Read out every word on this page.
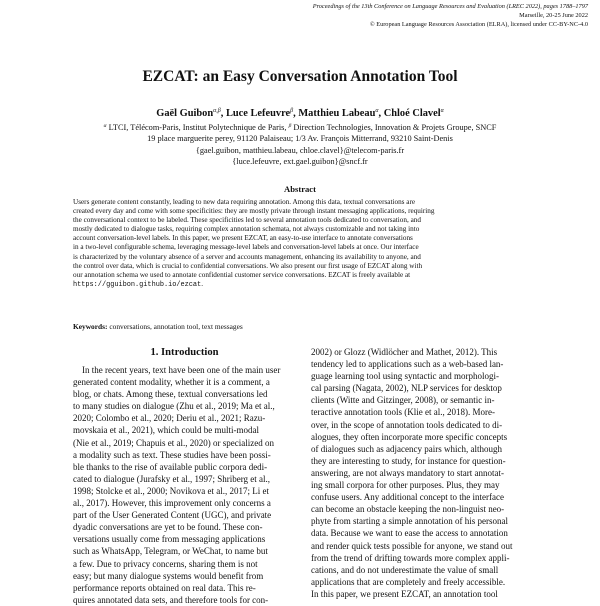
Proceedings of the 13th Conference on Language Resources and Evaluation (LREC 2022), pages 1788–1797
Marseille, 20-25 June 2022
© European Language Resources Association (ELRA), licensed under CC-BY-NC-4.0
EZCAT: an Easy Conversation Annotation Tool
Gaël Guibon$^{\alpha,\beta}$, Luce Lefeuvre$^\beta$, Matthieu Labeau$^\alpha$, Chloé Clavel$^\alpha$
$^\alpha$ LTCI, Télécom-Paris, Institut Polytechnique de Paris, $^\beta$ Direction Technologies, Innovation & Projets Groupe, SNCF
19 place marguerite perey, 91120 Palaiseau; 1/3 Av. François Mitterrand, 93210 Saint-Denis
{gael.guibon, matthieu.labeau, chloe.clavel}@telecom-paris.fr
{luce.lefeuvre, ext.gael.guibon}@sncf.fr
Abstract
Users generate content constantly, leading to new data requiring annotation. Among this data, textual conversations are
created every day and come with some specificities: they are mostly private through instant messaging applications, requiring
the conversational context to be labeled. These specificities led to several annotation tools dedicated to conversation, and
mostly dedicated to dialogue tasks, requiring complex annotation schemata, not always customizable and not taking into
account conversation-level labels. In this paper, we present EZCAT, an easy-to-use interface to annotate conversations
in a two-level configurable schema, leveraging message-level labels and conversation-level labels at once. Our interface
is characterized by the voluntary absence of a server and accounts management, enhancing its availability to anyone, and
the control over data, which is crucial to confidential conversations. We also present our first usage of EZCAT along with
our annotation schema we used to annotate confidential customer service conversations. EZCAT is freely available at
https://gguibon.github.io/ezcat.
Keywords: conversations, annotation tool, text messages
1. Introduction
In the recent years, text have been one of the main user
generated content modality, whether it is a comment, a
blog, or chats. Among these, textual conversations led
to many studies on dialogue (Zhu et al., 2019; Ma et al.,
2020; Colombo et al., 2020; Deriu et al., 2021; Razu-
movskaia et al., 2021), which could be multi-modal
(Nie et al., 2019; Chapuis et al., 2020) or specialized on
a modality such as text. These studies have been possi-
ble thanks to the rise of available public corpora dedi-
cated to dialogue (Jurafsky et al., 1997; Shriberg et al.,
1998; Stolcke et al., 2000; Novikova et al., 2017; Li et
al., 2017). However, this improvement only concerns a
part of the User Generated Content (UGC), and private
dyadic conversations are yet to be found. These con-
versations usually come from messaging applications
such as WhatsApp, Telegram, or WeChat, to name but
a few. Due to privacy concerns, sharing them is not
easy; but many dialogue systems would benefit from
performance reports obtained on real data. This re-
quires annotated data sets, and therefore tools for con-
2002) or Glozz (Widlöcher and Mathet, 2012). This
tendency led to applications such as a web-based lan-
guage learning tool using syntactic and morphologi-
cal parsing (Nagata, 2002), NLP services for desktop
clients (Witte and Gitzinger, 2008), or semantic in-
teractive annotation tools (Klie et al., 2018). More-
over, in the scope of annotation tools dedicated to di-
alogues, they often incorporate more specific concepts
of dialogues such as adjacency pairs which, although
they are interesting to study, for instance for question-
answering, are not always mandatory to start annotat-
ing small corpora for other purposes. Plus, they may
confuse users. Any additional concept to the interface
can become an obstacle keeping the non-linguist neo-
phyte from starting a simple annotation of his personal
data. Because we want to ease the access to annotation
and render quick tests possible for anyone, we stand out
from the trend of drifting towards more complex appli-
cations, and do not underestimate the value of small
applications that are completely and freely accessible.
In this paper, we present EZCAT, an annotation tool
